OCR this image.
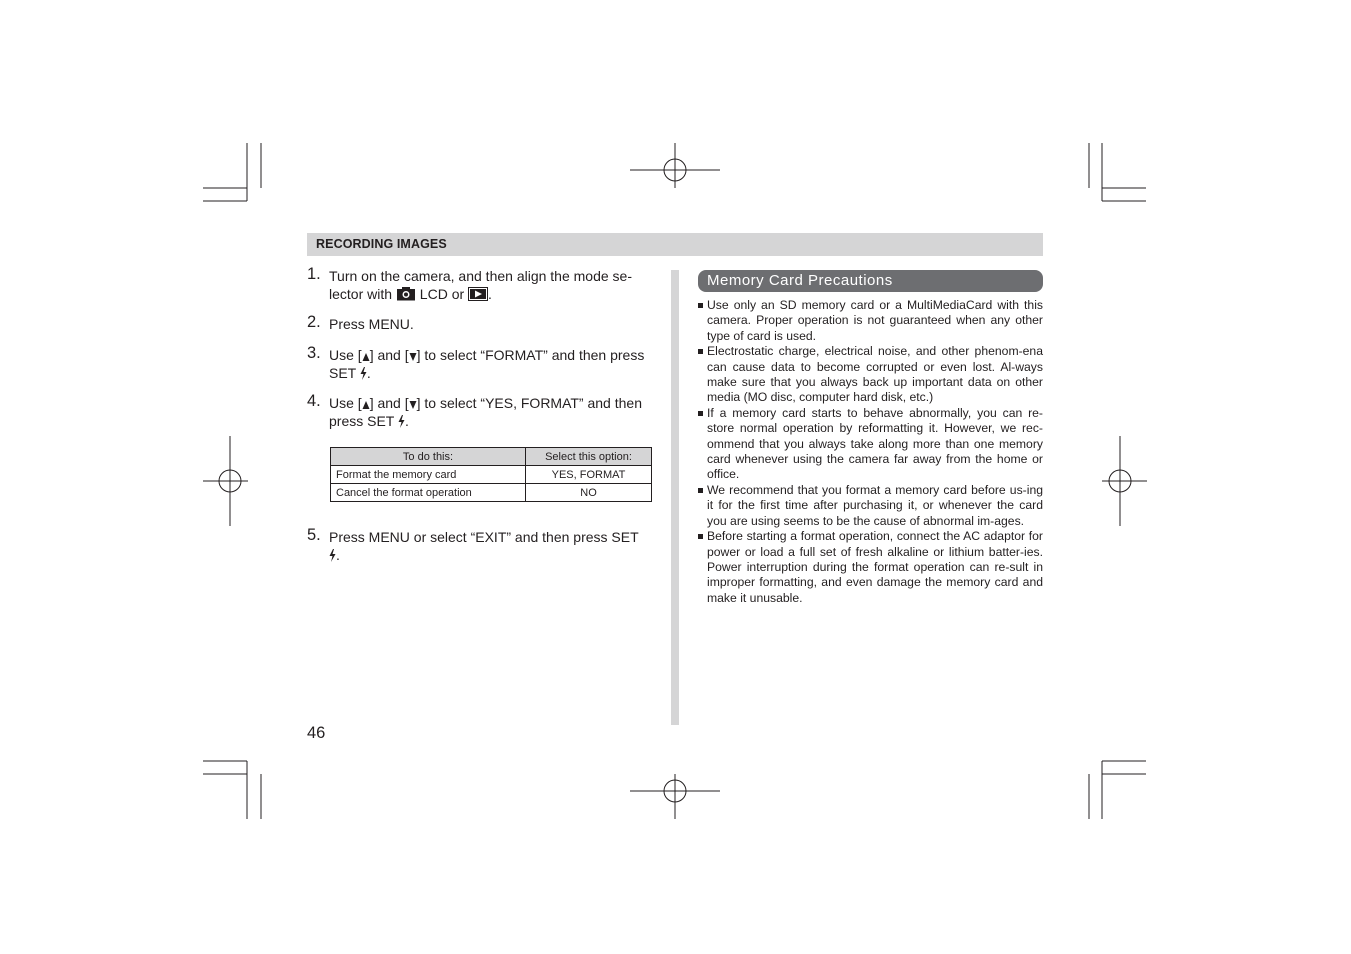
RECORDING IMAGES
1. Turn on the camera, and then align the mode se-
lector with  LCD or .
2. Press MENU.
3. Use [ ] and [ ] to select “FORMAT” and then press
SET .
4. Use [ ] and [ ] to select “YES, FORMAT” and then
press SET .
To do this:	Select this option:
Format the memory card	YES, FORMAT
Cancel the format operation	NO
5. Press MENU or select “EXIT” and then press SET
.
Memory Card Precautions
Use only an SD memory card or a MultiMediaCard with this camera. Proper operation is not guaranteed when any other type of card is used.
Electrostatic charge, electrical noise, and other phenom-ena can cause data to become corrupted or even lost. Al-ways make sure that you always back up important data on other media (MO disc, computer hard disk, etc.)
If a memory card starts to behave abnormally, you can re-store normal operation by reformatting it. However, we rec-ommend that you always take along more than one memory card whenever using the camera far away from the home or office.
We recommend that you format a memory card before us-ing it for the first time after purchasing it, or whenever the card you are using seems to be the cause of abnormal im-ages.
Before starting a format operation, connect the AC adaptor for power or load a full set of fresh alkaline or lithium batter-ies. Power interruption during the format operation can re-sult in improper formatting, and even damage the memory card and make it unusable.
46
